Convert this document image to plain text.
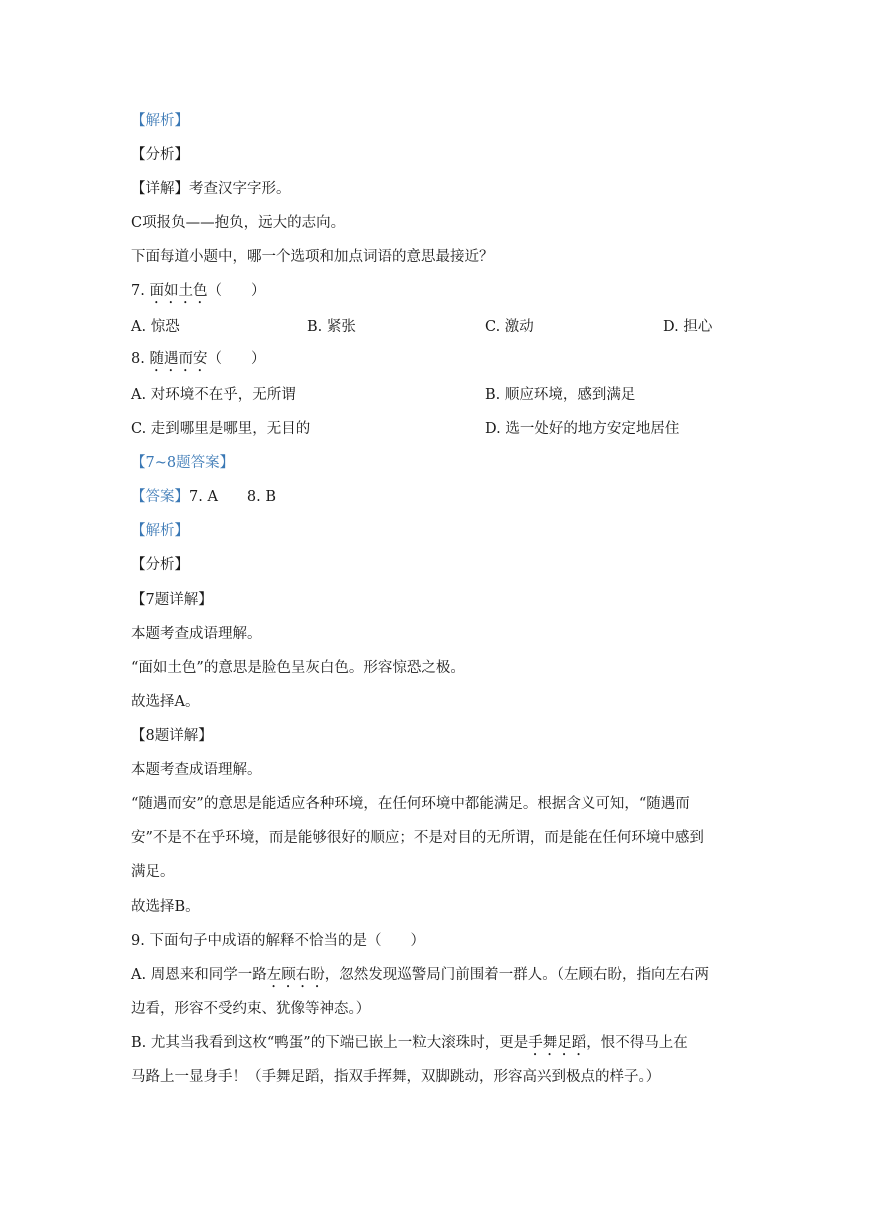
【解析】
【分析】
【详解】考查汉字字形。
C项报负——抱负，远大的志向。
下面每道小题中，哪一个选项和加点词语的意思最接近？
7. 面如土色（　　）
A. 惊恐	B. 紧张	C. 激动	D. 担心
8. 随遇而安（　　）
A. 对环境不在乎，无所谓	B. 顺应环境，感到满足
C. 走到哪里是哪里，无目的	D. 选一处好的地方安定地居住
【7~8题答案】
【答案】7. A　　8. B
【解析】
【分析】
【7题详解】
本题考查成语理解。
“面如土色”的意思是脸色呈灰白色。形容惊恐之极。
故选择A。
【8题详解】
本题考查成语理解。
“随遇而安”的意思是能适应各种环境，在任何环境中都能满足。根据含义可知，“随遇而
安”不是不在乎环境，而是能够很好的顺应；不是对目的无所谓，而是能在任何环境中感到
满足。
故选择B。
9. 下面句子中成语的解释不恰当的是（　　）
A. 周恩来和同学一路左顾右盼，忽然发现巡警局门前围着一群人。（左顾右盼，指向左右两
边看，形容不受约束、犹像等神态。）
B. 尤其当我看到这枚“鸭蛋”的下端已嵌上一粒大滚珠时，更是手舞足蹈，恨不得马上在
马路上一显身手！（手舞足蹈，指双手挥舞，双脚跳动，形容高兴到极点的样子。）
